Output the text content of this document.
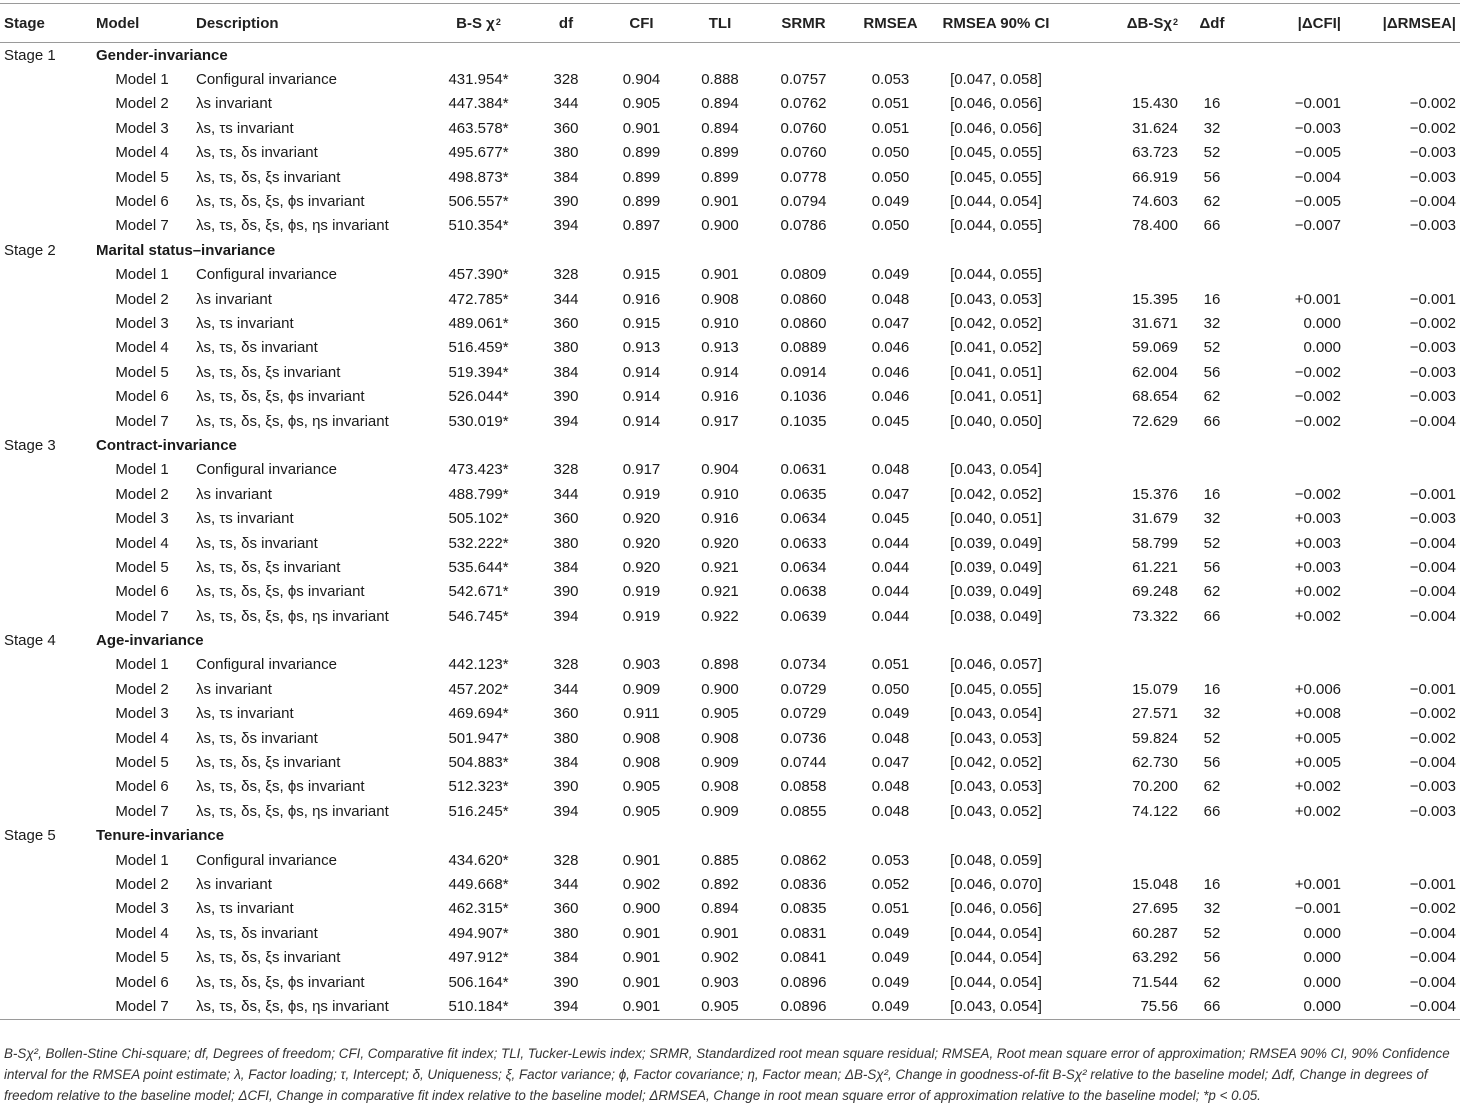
Stage	Model	Description	B-S $\chi^2$	df	CFI	TLI	SRMR	RMSEA	RMSEA 90% CI	$\Delta B-S\chi^2$	Δdf	|ΔCFI|	|ΔRMSEA|
Stage 1	Gender-invariance												
	Model 1	Configural invariance	431.954*	328	0.904	0.888	0.0757	0.053	[0.047, 0.058]				
	Model 2	λs invariant	447.384*	344	0.905	0.894	0.0762	0.051	[0.046, 0.056]	15.430	16	−0.001	−0.002
	Model 3	λs, τs invariant	463.578*	360	0.901	0.894	0.0760	0.051	[0.046, 0.056]	31.624	32	−0.003	−0.002
	Model 4	λs, τs, δs invariant	495.677*	380	0.899	0.899	0.0760	0.050	[0.045, 0.055]	63.723	52	−0.005	−0.003
	Model 5	λs, τs, δs, ξs invariant	498.873*	384	0.899	0.899	0.0778	0.050	[0.045, 0.055]	66.919	56	−0.004	−0.003
	Model 6	λs, τs, δs, ξs, ϕs invariant	506.557*	390	0.899	0.901	0.0794	0.049	[0.044, 0.054]	74.603	62	−0.005	−0.004
	Model 7	λs, τs, δs, ξs, ϕs, ηs invariant	510.354*	394	0.897	0.900	0.0786	0.050	[0.044, 0.055]	78.400	66	−0.007	−0.003
Stage 2	Marital status–invariance												
	Model 1	Configural invariance	457.390*	328	0.915	0.901	0.0809	0.049	[0.044, 0.055]				
	Model 2	λs invariant	472.785*	344	0.916	0.908	0.0860	0.048	[0.043, 0.053]	15.395	16	+0.001	−0.001
	Model 3	λs, τs invariant	489.061*	360	0.915	0.910	0.0860	0.047	[0.042, 0.052]	31.671	32	0.000	−0.002
	Model 4	λs, τs, δs invariant	516.459*	380	0.913	0.913	0.0889	0.046	[0.041, 0.052]	59.069	52	0.000	−0.003
	Model 5	λs, τs, δs, ξs invariant	519.394*	384	0.914	0.914	0.0914	0.046	[0.041, 0.051]	62.004	56	−0.002	−0.003
	Model 6	λs, τs, δs, ξs, ϕs invariant	526.044*	390	0.914	0.916	0.1036	0.046	[0.041, 0.051]	68.654	62	−0.002	−0.003
	Model 7	λs, τs, δs, ξs, ϕs, ηs invariant	530.019*	394	0.914	0.917	0.1035	0.045	[0.040, 0.050]	72.629	66	−0.002	−0.004
Stage 3	Contract-invariance												
	Model 1	Configural invariance	473.423*	328	0.917	0.904	0.0631	0.048	[0.043, 0.054]				
	Model 2	λs invariant	488.799*	344	0.919	0.910	0.0635	0.047	[0.042, 0.052]	15.376	16	−0.002	−0.001
	Model 3	λs, τs invariant	505.102*	360	0.920	0.916	0.0634	0.045	[0.040, 0.051]	31.679	32	+0.003	−0.003
	Model 4	λs, τs, δs invariant	532.222*	380	0.920	0.920	0.0633	0.044	[0.039, 0.049]	58.799	52	+0.003	−0.004
	Model 5	λs, τs, δs, ξs invariant	535.644*	384	0.920	0.921	0.0634	0.044	[0.039, 0.049]	61.221	56	+0.003	−0.004
	Model 6	λs, τs, δs, ξs, ϕs invariant	542.671*	390	0.919	0.921	0.0638	0.044	[0.039, 0.049]	69.248	62	+0.002	−0.004
	Model 7	λs, τs, δs, ξs, ϕs, ηs invariant	546.745*	394	0.919	0.922	0.0639	0.044	[0.038, 0.049]	73.322	66	+0.002	−0.004
Stage 4	Age-invariance												
	Model 1	Configural invariance	442.123*	328	0.903	0.898	0.0734	0.051	[0.046, 0.057]				
	Model 2	λs invariant	457.202*	344	0.909	0.900	0.0729	0.050	[0.045, 0.055]	15.079	16	+0.006	−0.001
	Model 3	λs, τs invariant	469.694*	360	0.911	0.905	0.0729	0.049	[0.043, 0.054]	27.571	32	+0.008	−0.002
	Model 4	λs, τs, δs invariant	501.947*	380	0.908	0.908	0.0736	0.048	[0.043, 0.053]	59.824	52	+0.005	−0.002
	Model 5	λs, τs, δs, ξs invariant	504.883*	384	0.908	0.909	0.0744	0.047	[0.042, 0.052]	62.730	56	+0.005	−0.004
	Model 6	λs, τs, δs, ξs, ϕs invariant	512.323*	390	0.905	0.908	0.0858	0.048	[0.043, 0.053]	70.200	62	+0.002	−0.003
	Model 7	λs, τs, δs, ξs, ϕs, ηs invariant	516.245*	394	0.905	0.909	0.0855	0.048	[0.043, 0.052]	74.122	66	+0.002	−0.003
Stage 5	Tenure-invariance												
	Model 1	Configural invariance	434.620*	328	0.901	0.885	0.0862	0.053	[0.048, 0.059]				
	Model 2	λs invariant	449.668*	344	0.902	0.892	0.0836	0.052	[0.046, 0.070]	15.048	16	+0.001	−0.001
	Model 3	λs, τs invariant	462.315*	360	0.900	0.894	0.0835	0.051	[0.046, 0.056]	27.695	32	−0.001	−0.002
	Model 4	λs, τs, δs invariant	494.907*	380	0.901	0.901	0.0831	0.049	[0.044, 0.054]	60.287	52	0.000	−0.004
	Model 5	λs, τs, δs, ξs invariant	497.912*	384	0.901	0.902	0.0841	0.049	[0.044, 0.054]	63.292	56	0.000	−0.004
	Model 6	λs, τs, δs, ξs, ϕs invariant	506.164*	390	0.901	0.903	0.0896	0.049	[0.044, 0.054]	71.544	62	0.000	−0.004
	Model 7	λs, τs, δs, ξs, ϕs, ηs invariant	510.184*	394	0.901	0.905	0.0896	0.049	[0.043, 0.054]	75.56	66	0.000	−0.004
B-Sχ², Bollen-Stine Chi-square; df, Degrees of freedom; CFI, Comparative fit index; TLI, Tucker-Lewis index; SRMR, Standardized root mean square residual; RMSEA, Root mean square error of approximation; RMSEA 90% CI, 90% Confidence interval for the RMSEA point estimate; λ, Factor loading; τ, Intercept; δ, Uniqueness; ξ, Factor variance; ϕ, Factor covariance; η, Factor mean; ΔB-Sχ², Change in goodness-of-fit B-Sχ² relative to the baseline model; Δdf, Change in degrees of freedom relative to the baseline model; ΔCFI, Change in comparative fit index relative to the baseline model; ΔRMSEA, Change in root mean square error of approximation relative to the baseline model; *p < 0.05.
